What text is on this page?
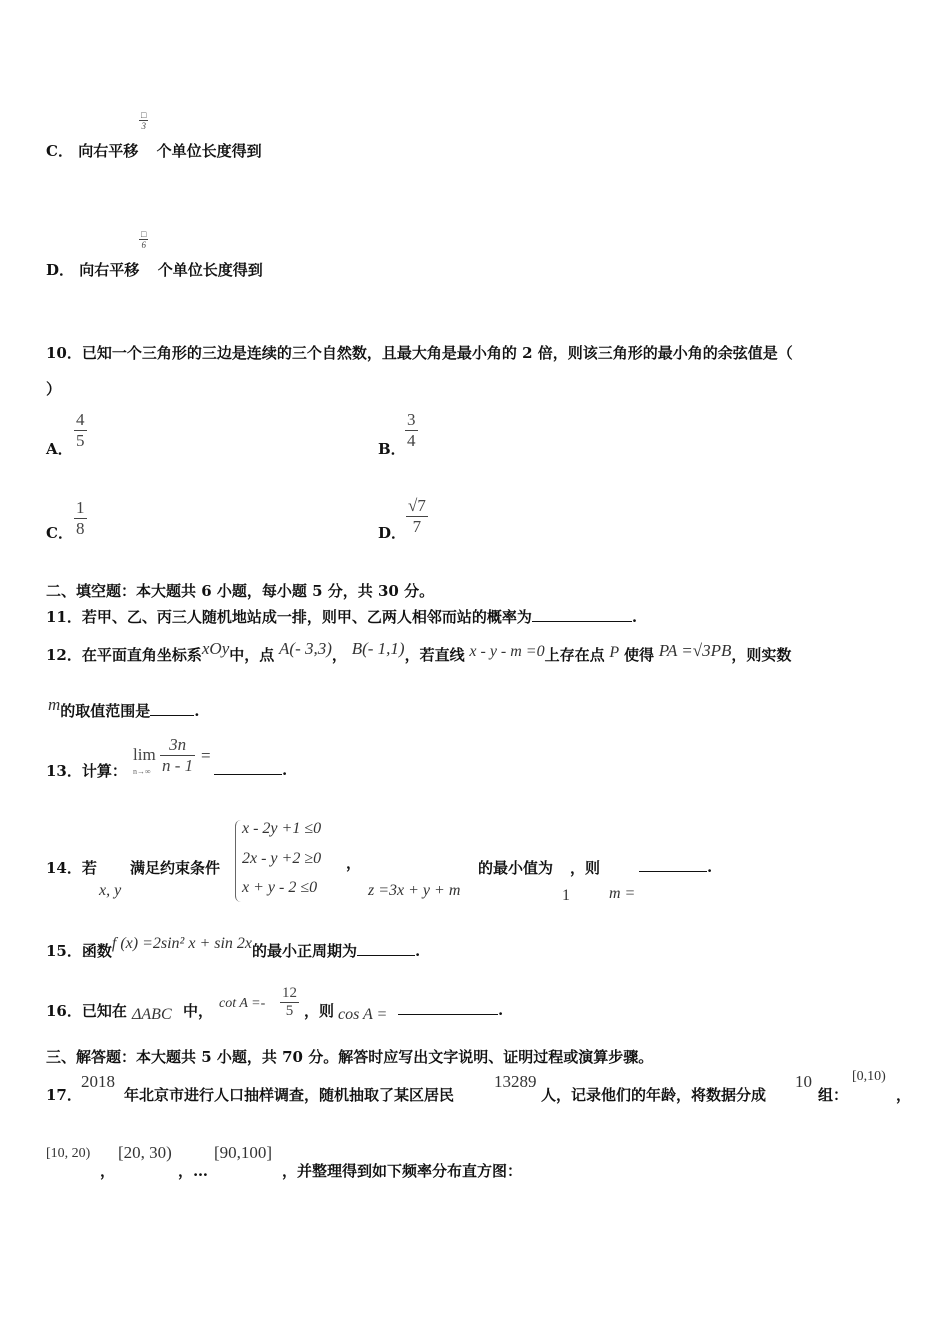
□
3
C． 向右平移 个单位长度得到
□
6
D． 向右平移 个单位长度得到
10．已知一个三角形的三边是连续的三个自然数，且最大角是最小角的 2 倍，则该三角形的最小角的余弦值是（
）
A． $\frac{4}{5}$	B． $\frac{3}{4}$
C． $\frac{1}{8}$	D． $\frac{√7}{7}$
二、填空题：本大题共 6 小题，每小题 5 分，共 30 分。
11．若甲、乙、丙三人随机地站成一排，则甲、乙两人相邻而站的概率为	.
12．在平面直角坐标系xOy中，点 A(- 3,3)， B(- 1,1)，若直线 x - y - m =0上存在点 P 使得 PA =√3PB，则实数
m的取值范围是	.
13．计算：
lim
$n\to\infty \frac{3n}{n - 1}$ =
.
14．若 满足约束条件
x, y
x - 2y +1 ≤0
2x - y +2 ≥0
x + y - 2 ≤0
，
z =3x + y + m
的最小值为 ，则
1 m =
.
15．函数f (x) =2sin² x + sin 2x的最小正周期为	.
16．已知在 ΔABC 中， $\cot A =- \frac{12}{5}$ ，则 cos A =	.
三、解答题：本大题共 5 小题，共 70 分。解答时应写出文字说明、证明过程或演算步骤。
17．
2018
年北京市进行人口抽样调查，随机抽取了某区居民
13289
人，记录他们的年龄，将数据分成
10
组：
[0,10)
，
[10, 20)
，
[20, 30)
，…
[90,100]
，并整理得到如下频率分布直方图：
